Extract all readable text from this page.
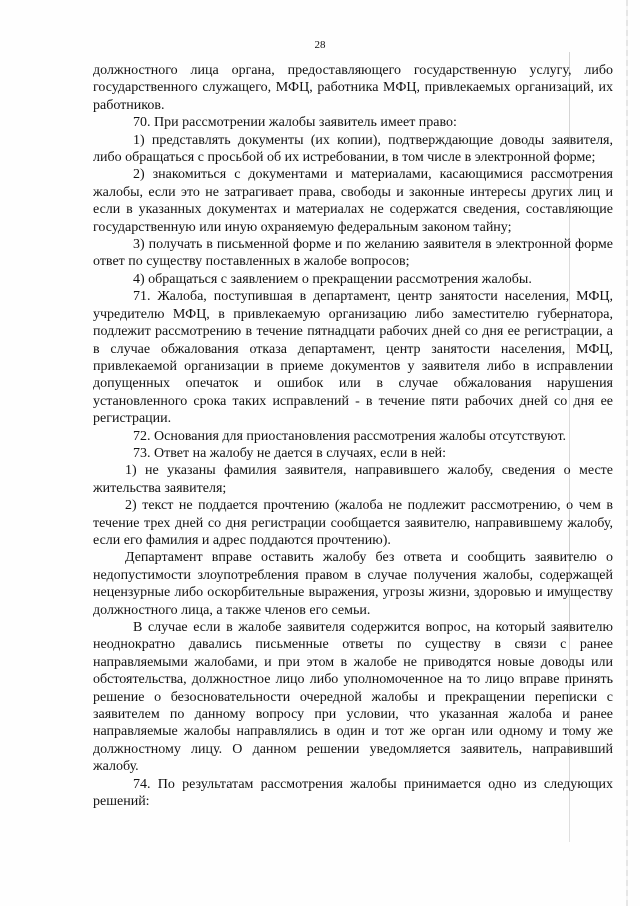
28

должностного лица органа, предоставляющего государственную услугу, либо государственного служащего, МФЦ, работника МФЦ, привлекаемых организаций, их работников.

70. При рассмотрении жалобы заявитель имеет право:

1) представлять документы (их копии), подтверждающие доводы заявителя, либо обращаться с просьбой об их истребовании, в том числе в электронной форме;

2) знакомиться с документами и материалами, касающимися рассмотрения жалобы, если это не затрагивает права, свободы и законные интересы других лиц и если в указанных документах и материалах не содержатся сведения, составляющие государственную или иную охраняемую федеральным законом тайну;

3) получать в письменной форме и по желанию заявителя в электронной форме ответ по существу поставленных в жалобе вопросов;

4) обращаться с заявлением о прекращении рассмотрения жалобы.

71. Жалоба, поступившая в департамент, центр занятости населения, МФЦ, учредителю МФЦ, в привлекаемую организацию либо заместителю губернатора, подлежит рассмотрению в течение пятнадцати рабочих дней со дня ее регистрации, а в случае обжалования отказа департамент, центр занятости населения, МФЦ, привлекаемой организации в приеме документов у заявителя либо в исправлении допущенных опечаток и ошибок или в случае обжалования нарушения установленного срока таких исправлений - в течение пяти рабочих дней со дня ее регистрации.

72. Основания для приостановления рассмотрения жалобы отсутствуют.

73. Ответ на жалобу не дается в случаях, если в ней:

1) не указаны фамилия заявителя, направившего жалобу, сведения о месте жительства заявителя;

2) текст не поддается прочтению (жалоба не подлежит рассмотрению, о чем в течение трех дней со дня регистрации сообщается заявителю, направившему жалобу, если его фамилия и адрес поддаются прочтению).

Департамент вправе оставить жалобу без ответа и сообщить заявителю о недопустимости злоупотребления правом в случае получения жалобы, содержащей нецензурные либо оскорбительные выражения, угрозы жизни, здоровью и имуществу должностного лица, а также членов его семьи.

В случае если в жалобе заявителя содержится вопрос, на который заявителю неоднократно давались письменные ответы по существу в связи с ранее направляемыми жалобами, и при этом в жалобе не приводятся новые доводы или обстоятельства, должностное лицо либо уполномоченное на то лицо вправе принять решение о безосновательности очередной жалобы и прекращении переписки с заявителем по данному вопросу при условии, что указанная жалоба и ранее направляемые жалобы направлялись в один и тот же орган или одному и тому же должностному лицу. О данном решении уведомляется заявитель, направивший жалобу.

74. По результатам рассмотрения жалобы принимается одно из следующих решений:
